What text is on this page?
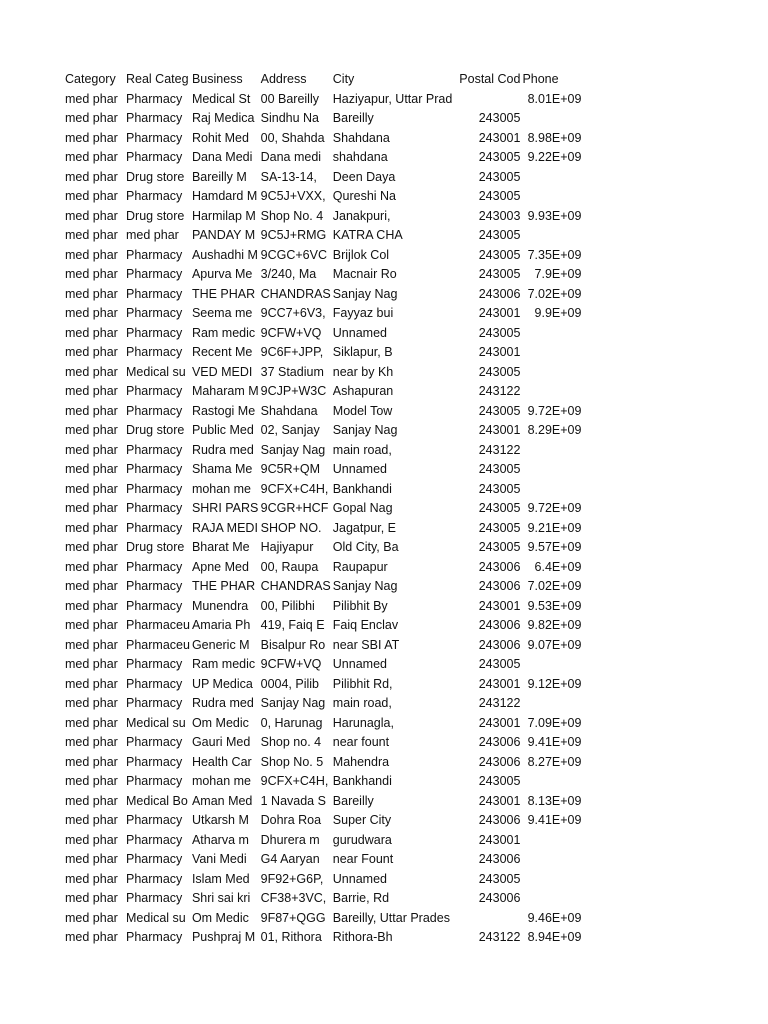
Category	Real Categ	Business	Address	City	Postal Cod	Phone
med phar	Pharmacy	Medical St	00 Bareilly	Haziyapur, Uttar Prad		8.01E+09
med phar	Pharmacy	Raj Medica	Sindhu Na	Bareilly	243005	
med phar	Pharmacy	Rohit Med	00, Shahda	Shahdana	243001	8.98E+09
med phar	Pharmacy	Dana Medi	Dana medi	shahdana	243005	9.22E+09
med phar	Drug store	Bareilly M	SA-13-14,	Deen Daya	243005	
med phar	Pharmacy	Hamdard M	9C5J+VXX,	Qureshi Na	243005	
med phar	Drug store	Harmilap M	Shop No. 4	Janakpuri,	243003	9.93E+09
med phar	med phar	PANDAY M	9C5J+RMG	KATRA CHA	243005	
med phar	Pharmacy	Aushadhi M	9CGC+6VC	Brijlok Col	243005	7.35E+09
med phar	Pharmacy	Apurva Me	3/240, Ma	Macnair Ro	243005	7.9E+09
med phar	Pharmacy	THE PHAR	CHANDRAS	Sanjay Nag	243006	7.02E+09
med phar	Pharmacy	Seema me	9CC7+6V3,	Fayyaz bui	243001	9.9E+09
med phar	Pharmacy	Ram medic	9CFW+VQ	Unnamed	243005	
med phar	Pharmacy	Recent Me	9C6F+JPP,	Siklapur, B	243001	
med phar	Medical su	VED MEDI	37 Stadium	near by Kh	243005	
med phar	Pharmacy	Maharam M	9CJP+W3C	Ashapuran	243122	
med phar	Pharmacy	Rastogi Me	Shahdana	Model Tow	243005	9.72E+09
med phar	Drug store	Public Med	02, Sanjay	Sanjay Nag	243001	8.29E+09
med phar	Pharmacy	Rudra med	Sanjay Nag	main road,	243122	
med phar	Pharmacy	Shama Me	9C5R+QM	Unnamed	243005	
med phar	Pharmacy	mohan me	9CFX+C4H,	Bankhandi	243005	
med phar	Pharmacy	SHRI PARS	9CGR+HCF	Gopal Nag	243005	9.72E+09
med phar	Pharmacy	RAJA MEDI	SHOP NO.	Jagatpur, E	243005	9.21E+09
med phar	Drug store	Bharat Me	Hajiyapur	Old City, Ba	243005	9.57E+09
med phar	Pharmacy	Apne Med	00, Raupa	Raupapur	243006	6.4E+09
med phar	Pharmacy	THE PHAR	CHANDRAS	Sanjay Nag	243006	7.02E+09
med phar	Pharmacy	Munendra	00, Pilibhi	Pilibhit By	243001	9.53E+09
med phar	Pharmaceu	Amaria Ph	419, Faiq E	Faiq Enclav	243006	9.82E+09
med phar	Pharmaceu	Generic M	Bisalpur Ro	near SBI AT	243006	9.07E+09
med phar	Pharmacy	Ram medic	9CFW+VQ	Unnamed	243005	
med phar	Pharmacy	UP Medica	0004, Pilib	Pilibhit Rd,	243001	9.12E+09
med phar	Pharmacy	Rudra med	Sanjay Nag	main road,	243122	
med phar	Medical su	Om Medic	0, Harunag	Harunagla,	243001	7.09E+09
med phar	Pharmacy	Gauri Med	Shop no. 4	near fount	243006	9.41E+09
med phar	Pharmacy	Health Car	Shop No. 5	Mahendra	243006	8.27E+09
med phar	Pharmacy	mohan me	9CFX+C4H,	Bankhandi	243005	
med phar	Medical Bo	Aman Med	1 Navada S	Bareilly	243001	8.13E+09
med phar	Pharmacy	Utkarsh M	Dohra Roa	Super City	243006	9.41E+09
med phar	Pharmacy	Atharva m	Dhurera m	gurudwara	243001	
med phar	Pharmacy	Vani Medi	G4 Aaryan	near Fount	243006	
med phar	Pharmacy	Islam Med	9F92+G6P,	Unnamed	243005	
med phar	Pharmacy	Shri sai kri	CF38+3VC,	Barrie, Rd	243006	
med phar	Medical su	Om Medic	9F87+QGG	Bareilly, Uttar Prades		9.46E+09
med phar	Pharmacy	Pushpraj M	01, Rithora	Rithora-Bh	243122	8.94E+09
